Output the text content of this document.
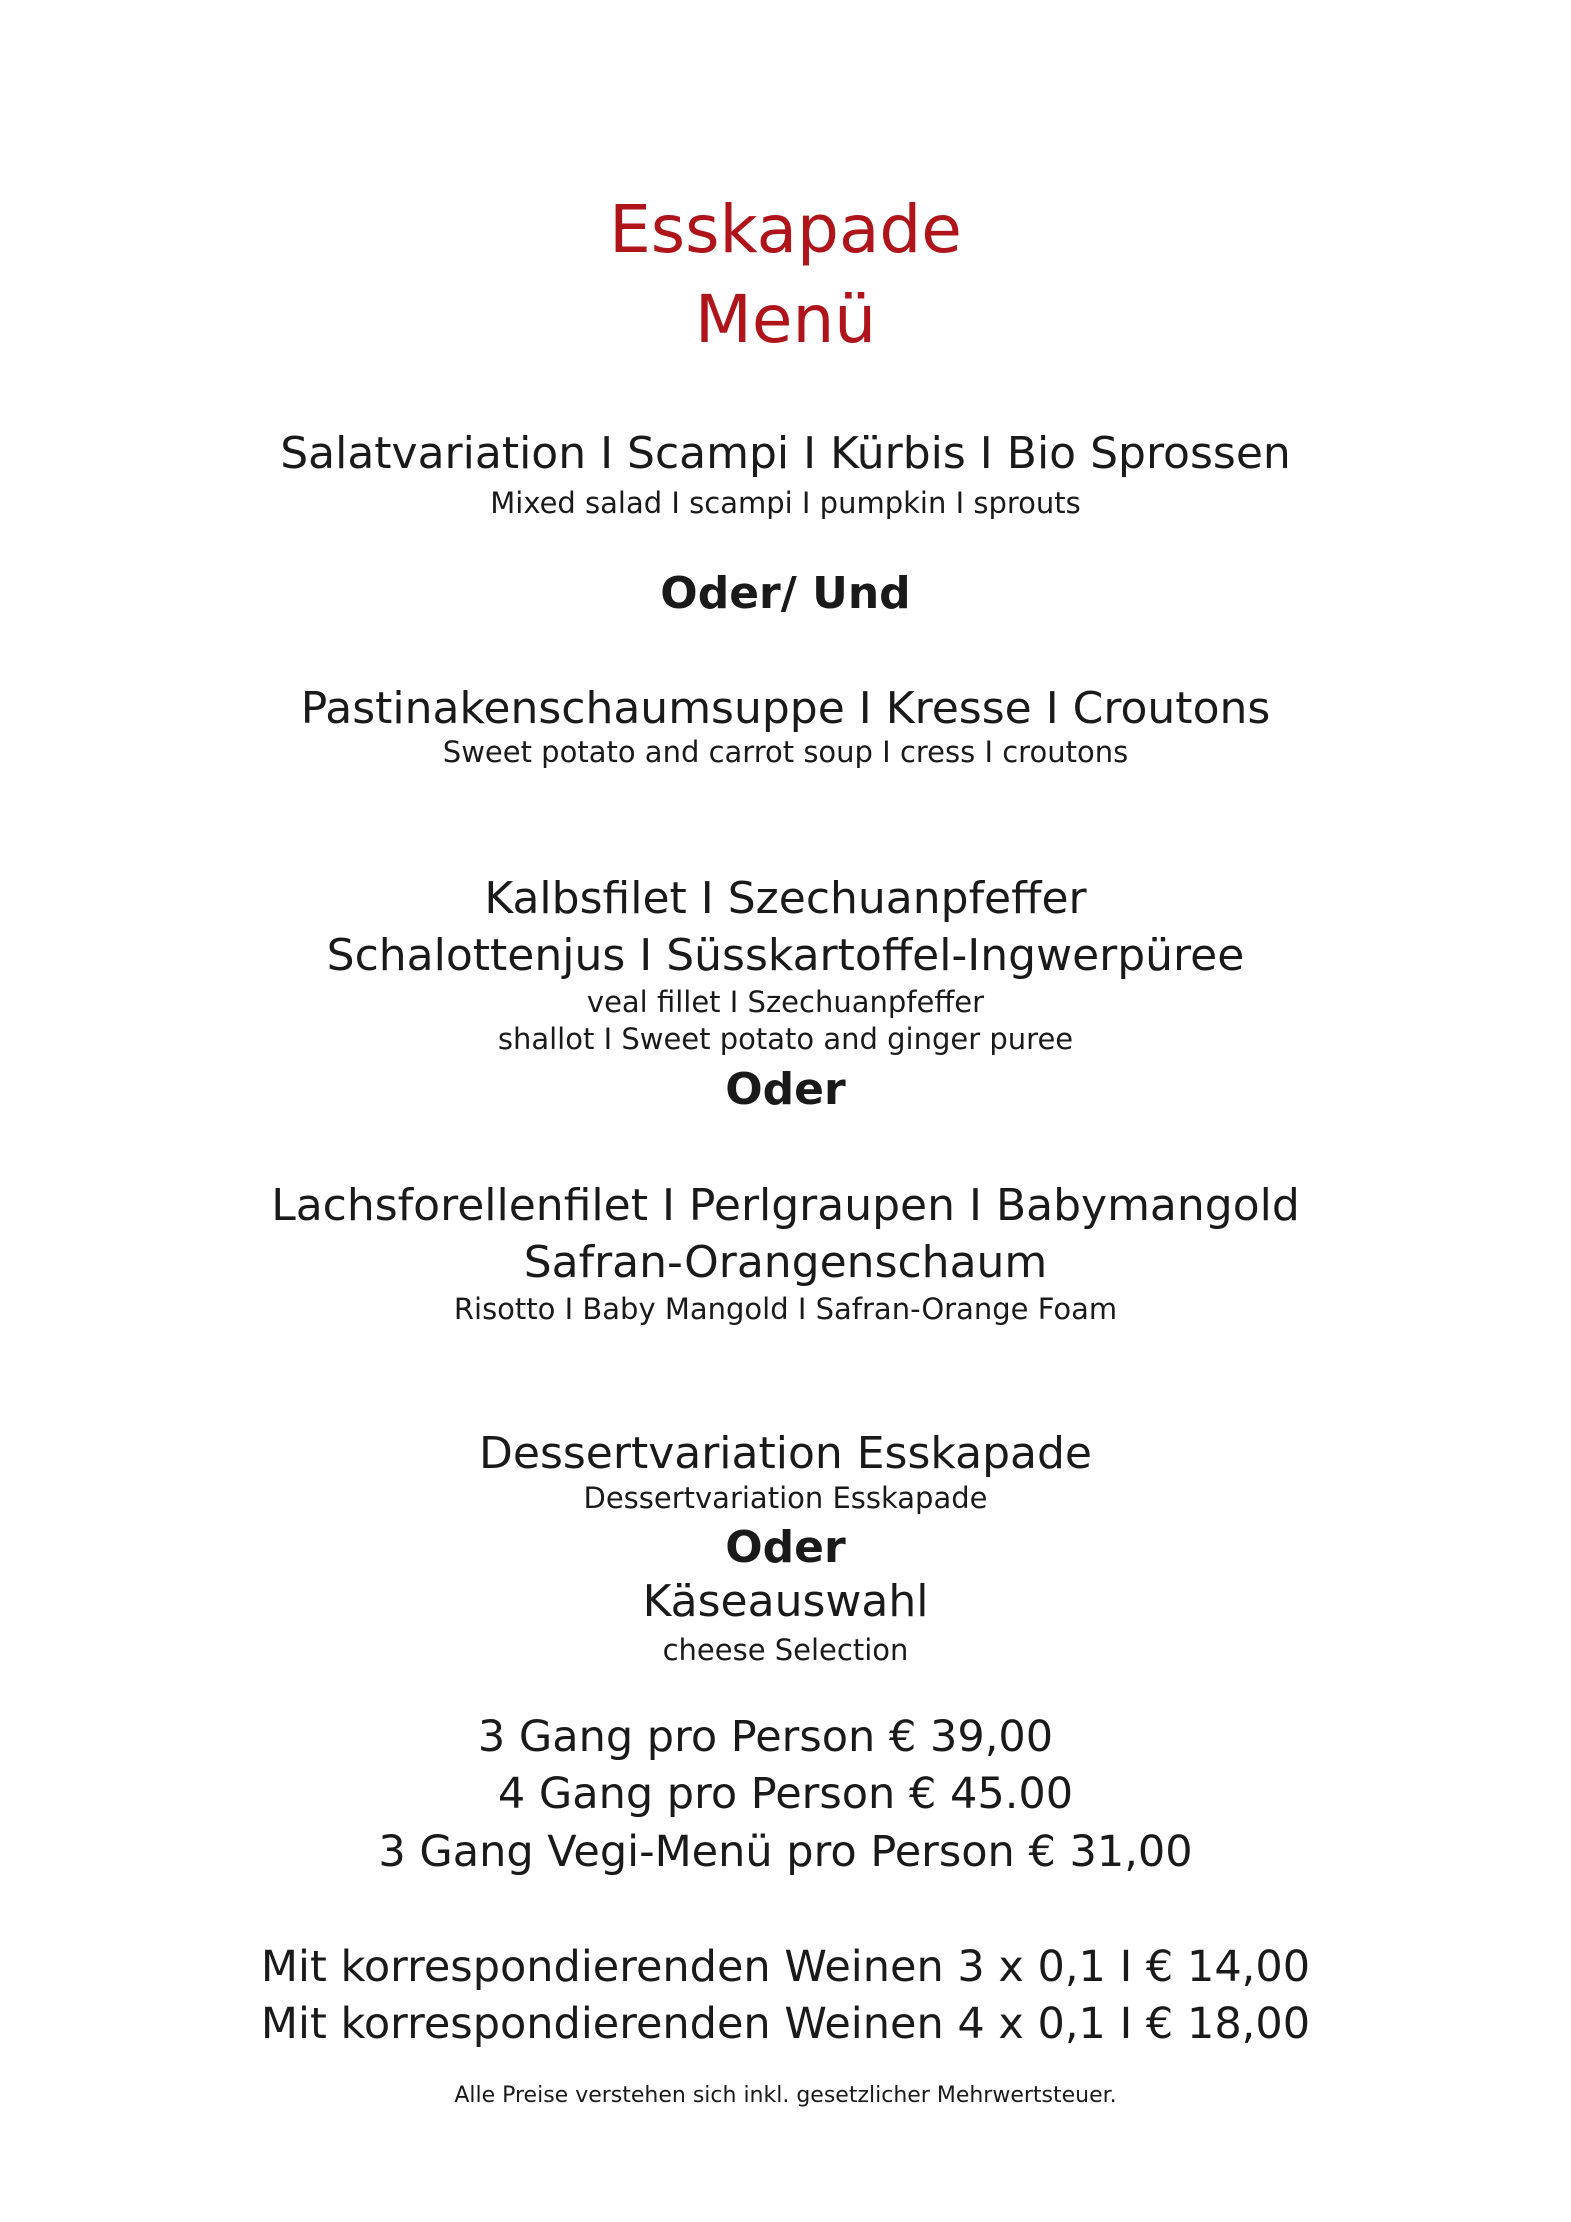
Esskapade
Menü
Salatvariation I Scampi I Kürbis I Bio Sprossen
Mixed salad I scampi I pumpkin I sprouts
Oder/ Und
Pastinakenschaumsuppe I Kresse I Croutons
Sweet potato and carrot soup I cress I croutons
Kalbsfilet I Szechuanpfeffer
Schalottenjus I Süsskartoffel-Ingwerpüree
veal fillet I Szechuanpfeffer
shallot I Sweet potato and ginger puree
Oder
Lachsforellenfilet I Perlgraupen I Babymangold
Safran-Orangenschaum
Risotto I Baby Mangold I Safran-Orange Foam
Dessertvariation Esskapade
Dessertvariation Esskapade
Oder
Käseauswahl
cheese Selection
3 Gang pro Person € 39,00
4 Gang pro Person € 45.00
3 Gang Vegi-Menü pro Person € 31,00
Mit korrespondierenden Weinen 3 x 0,1 I € 14,00
Mit korrespondierenden Weinen 4 x 0,1 I € 18,00
Alle Preise verstehen sich inkl. gesetzlicher Mehrwertsteuer.
